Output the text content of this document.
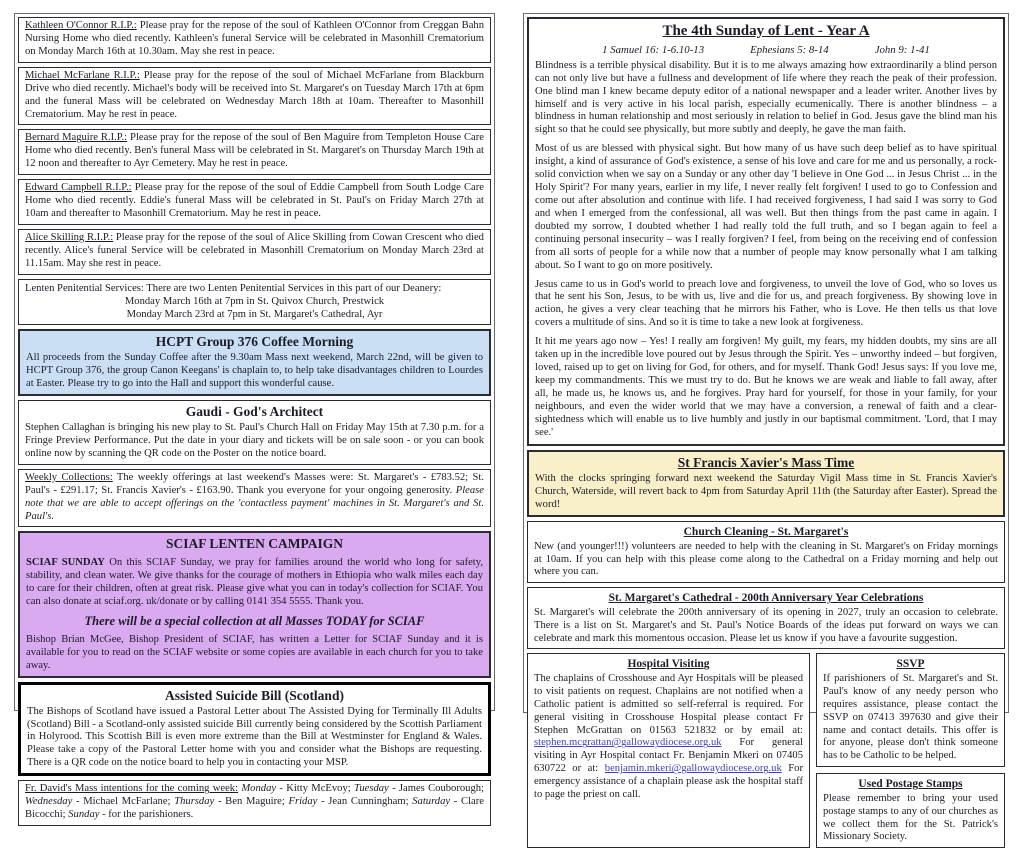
Kathleen O'Connor R.I.P.: Please pray for the repose of the soul of Kathleen O'Connor from Creggan Bahn Nursing Home who died recently. Kathleen's funeral Service will be celebrated in Masonhill Crematorium on Monday March 16th at 10.30am. May she rest in peace.

Michael McFarlane R.I.P.: Please pray for the repose of the soul of Michael McFarlane from Blackburn Drive who died recently. Michael's body will be received into St. Margaret's on Tuesday March 17th at 6pm and the funeral Mass will be celebrated on Wednesday March 18th at 10am. Thereafter to Masonhill Crematorium. May he rest in peace.

Bernard Maguire R.I.P.: Please pray for the repose of the soul of Ben Maguire from Templeton House Care Home who died recently. Ben's funeral Mass will be celebrated in St. Margaret's on Thursday March 19th at 12 noon and thereafter to Ayr Cemetery. May he rest in peace.

Edward Campbell R.I.P.: Please pray for the repose of the soul of Eddie Campbell from South Lodge Care Home who died recently. Eddie's funeral Mass will be celebrated in St. Paul's on Friday March 27th at 10am and thereafter to Masonhill Crematorium. May he rest in peace.

Alice Skilling R.I.P.: Please pray for the repose of the soul of Alice Skilling from Cowan Crescent who died recently. Alice's funeral Service will be celebrated in Masonhill Crematorium on Monday March 23rd at 11.15am. May she rest in peace.

Lenten Penitential Services: There are two Lenten Penitential Services in this part of our Deanery:

Monday March 16th at 7pm in St. Quivox Church, Prestwick

Monday March 23rd at 7pm in St. Margaret's Cathedral, Ayr

HCPT Group 376 Coffee Morning

All proceeds from the Sunday Coffee after the 9.30am Mass next weekend, March 22nd, will be given to HCPT Group 376, the group Canon Keegans' is chaplain to, to help take disadvantages children to Lourdes at Easter. Please try to go into the Hall and support this wonderful cause.

Gaudi - God's Architect

Stephen Callaghan is bringing his new play to St. Paul's Church Hall on Friday May 15th at 7.30 p.m. for a Fringe Preview Performance. Put the date in your diary and tickets will be on sale soon - or you can book online now by scanning the QR code on the Poster on the notice board.

Weekly Collections: The weekly offerings at last weekend's Masses were: St. Margaret's - £783.52; St. Paul's - £291.17; St. Francis Xavier's - £163.90. Thank you everyone for your ongoing generosity. Please note that we are able to accept offerings on the 'contactless payment' machines in St. Margaret's and St. Paul's.

SCIAF LENTEN CAMPAIGN

SCIAF SUNDAY On this SCIAF Sunday, we pray for families around the world who long for safety, stability, and clean water. We give thanks for the courage of mothers in Ethiopia who walk miles each day to care for their children, often at great risk. Please give what you can in today's collection for SCIAF. You can also donate at sciaf.org. uk/donate or by calling 0141 354 5555. Thank you.

There will be a special collection at all Masses TODAY for SCIAF

Bishop Brian McGee, Bishop President of SCIAF, has written a Letter for SCIAF Sunday and it is available for you to read on the SCIAF website or some copies are available in each church for you to take away.

Assisted Suicide Bill (Scotland)

The Bishops of Scotland have issued a Pastoral Letter about The Assisted Dying for Terminally Ill Adults (Scotland) Bill - a Scotland-only assisted suicide Bill currently being considered by the Scottish Parliament in Holyrood. This Scottish Bill is even more extreme than the Bill at Westminster for England & Wales. Please take a copy of the Pastoral Letter home with you and consider what the Bishops are requesting. There is a QR code on the notice board to help you in contacting your MSP.

Fr. David's Mass intentions for the coming week: Monday - Kitty McEvoy; Tuesday - James Couborough; Wednesday - Michael McFarlane; Thursday - Ben Maguire; Friday - Jean Cunningham; Saturday - Clare Bicocchi; Sunday - for the parishioners.

The 4th Sunday of Lent - Year A
1 Samuel 16: 1-6.10-13	Ephesians 5: 8-14	John 9: 1-41

Blindness is a terrible physical disability. But it is to me always amazing how extraordinarily a blind person can not only live but have a fullness and development of life where they reach the peak of their profession. One blind man I knew became deputy editor of a national newspaper and a leader writer. Another lives by himself and is very active in his local parish, especially ecumenically. There is another blindness – a blindness in human relationship and most seriously in relation to belief in God. Jesus gave the blind man his sight so that he could see physically, but more subtly and deeply, he gave the man faith.

Most of us are blessed with physical sight. But how many of us have such deep belief as to have spiritual insight, a kind of assurance of God's existence, a sense of his love and care for me and us personally, a rock-solid conviction when we say on a Sunday or any other day 'I believe in One God ... in Jesus Christ ... in the Holy Spirit'? For many years, earlier in my life, I never really felt forgiven! I used to go to Confession and come out after absolution and continue with life. I had received forgiveness, I had said I was sorry to God and when I emerged from the confessional, all was well. But then things from the past came in again. I doubted my sorrow, I doubted whether I had really told the full truth, and so I began again to feel a continuing personal insecurity – was I really forgiven? I feel, from being on the receiving end of confession from all sorts of people for a while now that a number of people may know personally what I am talking about. So I want to go on more positively.

Jesus came to us in God's world to preach love and forgiveness, to unveil the love of God, who so loves us that he sent his Son, Jesus, to be with us, live and die for us, and preach forgiveness. By showing love in action, he gives a very clear teaching that he mirrors his Father, who is Love. He then tells us that love covers a multitude of sins. And so it is time to take a new look at forgiveness.

It hit me years ago now – Yes! I really am forgiven! My guilt, my fears, my hidden doubts, my sins are all taken up in the incredible love poured out by Jesus through the Spirit. Yes – unworthy indeed – but forgiven, loved, raised up to get on living for God, for others, and for myself. Thank God! Jesus says: If you love me, keep my commandments. This we must try to do. But he knows we are weak and liable to fall away, after all, he made us, he knows us, and he forgives. Pray hard for yourself, for those in your family, for your neighbours, and even the wider world that we may have a conversion, a renewal of faith and a clear-sightedness which will enable us to live humbly and justly in our baptismal commitment. 'Lord, that I may see.'

St Francis Xavier's Mass Time

With the clocks springing forward next weekend the Saturday Vigil Mass time in St. Francis Xavier's Church, Waterside, will revert back to 4pm from Saturday April 11th (the Saturday after Easter). Spread the word!

Church Cleaning - St. Margaret's

New (and younger!!!) volunteers are needed to help with the cleaning in St. Margaret's on Friday mornings at 10am. If you can help with this please come along to the Cathedral on a Friday morning and help out where you can.

St. Margaret's Cathedral - 200th Anniversary Year Celebrations

St. Margaret's will celebrate the 200th anniversary of its opening in 2027, truly an occasion to celebrate. There is a list on St. Margaret's and St. Paul's Notice Boards of the ideas put forward on ways we can celebrate and mark this momentous occasion. Please let us know if you have a favourite suggestion.

Hospital Visiting

The chaplains of Crosshouse and Ayr Hospitals will be pleased to visit patients on request. Chaplains are not notified when a Catholic patient is admitted so self-referral is required. For general visiting in Crosshouse Hospital please contact Fr Stephen McGrattan on 01563 521832 or by email at: stephen.mcgrattan@gallowaydiocese.org.uk For general visiting in Ayr Hospital contact Fr. Benjamin Mkeri on 07405 630722 or at: benjamin.mkeri@gallowaydiocese.org.uk For emergency assistance of a chaplain please ask the hospital staff to page the priest on call.

SSVP

If parishioners of St. Margaret's and St. Paul's know of any needy person who requires assistance, please contact the SSVP on 07413 397630 and give their name and contact details. This offer is for anyone, please don't think someone has to be Catholic to be helped.

Used Postage Stamps

Please remember to bring your used postage stamps to any of our churches as we collect them for the St. Patrick's Missionary Society.
